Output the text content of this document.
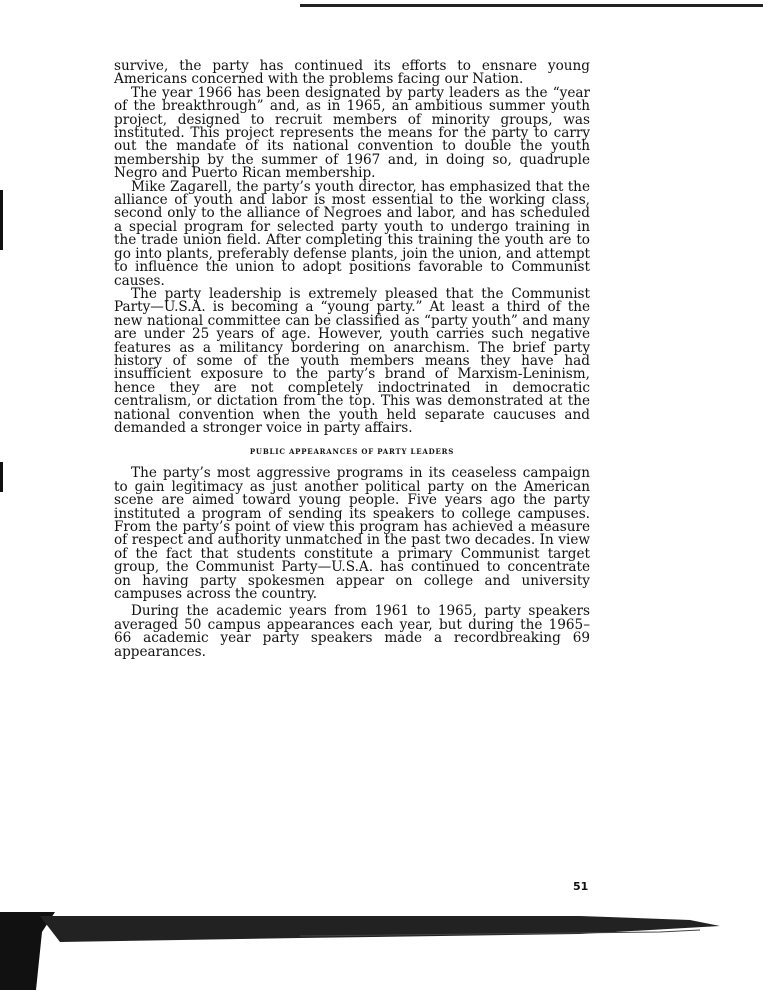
survive, the party has continued its efforts to ensnare young Americans concerned with the problems facing our Nation.

The year 1966 has been designated by party leaders as the “year of the breakthrough” and, as in 1965, an ambitious summer youth project, designed to recruit members of minority groups, was instituted. This project represents the means for the party to carry out the mandate of its national convention to double the youth membership by the summer of 1967 and, in doing so, quadruple Negro and Puerto Rican membership.

Mike Zagarell, the party’s youth director, has emphasized that the alliance of youth and labor is most essential to the working class, second only to the alliance of Negroes and labor, and has scheduled a special program for selected party youth to undergo training in the trade union field. After completing this training the youth are to go into plants, preferably defense plants, join the union, and attempt to influence the union to adopt positions favorable to Communist causes.

The party leadership is extremely pleased that the Communist Party—U.S.A. is becoming a “young party.” At least a third of the new national committee can be classified as “party youth” and many are under 25 years of age. However, youth carries such negative features as a militancy bordering on anarchism. The brief party history of some of the youth members means they have had insufficient exposure to the party’s brand of Marxism-Leninism, hence they are not completely indoctrinated in democratic centralism, or dictation from the top. This was demonstrated at the national convention when the youth held separate caucuses and demanded a stronger voice in party affairs.

PUBLIC APPEARANCES OF PARTY LEADERS

The party’s most aggressive programs in its ceaseless campaign to gain legitimacy as just another political party on the American scene are aimed toward young people. Five years ago the party instituted a program of sending its speakers to college campuses. From the party’s point of view this program has achieved a measure of respect and authority unmatched in the past two decades. In view of the fact that students constitute a primary Communist target group, the Communist Party—U.S.A. has continued to concentrate on having party spokesmen appear on college and university campuses across the country.

During the academic years from 1961 to 1965, party speakers averaged 50 campus appearances each year, but during the 1965–66 academic year party speakers made a recordbreaking 69 appearances.

51
